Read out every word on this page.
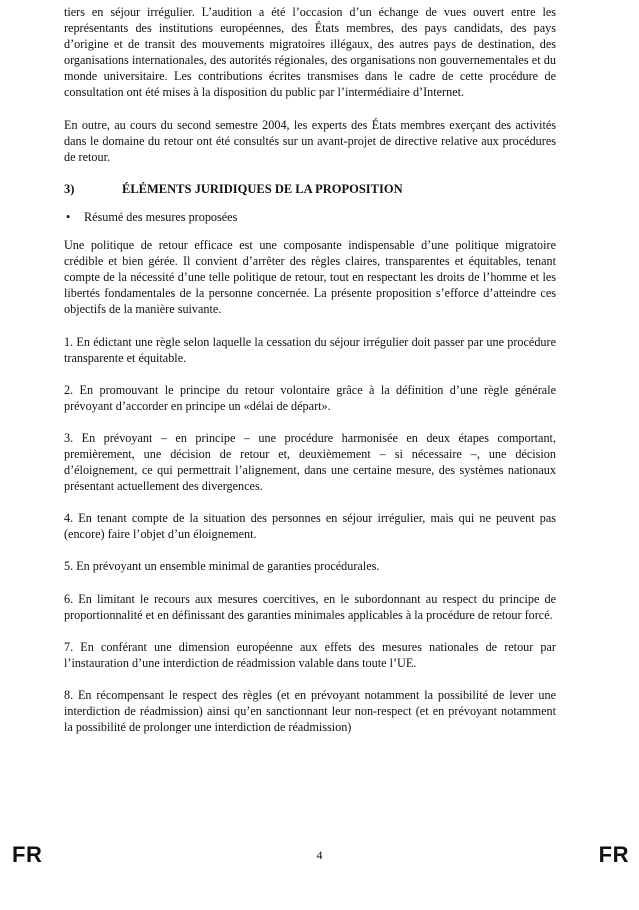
tiers en séjour irrégulier. L’audition a été l’occasion d’un échange de vues ouvert entre les représentants des institutions européennes, des États membres, des pays candidats, des pays d’origine et de transit des mouvements migratoires illégaux, des autres pays de destination, des organisations internationales, des autorités régionales, des organisations non gouvernementales et du monde universitaire. Les contributions écrites transmises dans le cadre de cette procédure de consultation ont été mises à la disposition du public par l’intermédiaire d’Internet.

En outre, au cours du second semestre 2004, les experts des États membres exerçant des activités dans le domaine du retour ont été consultés sur un avant-projet de directive relative aux procédures de retour.

3)	ÉLÉMENTS JURIDIQUES DE LA PROPOSITION
•	Résumé des mesures proposées

Une politique de retour efficace est une composante indispensable d’une politique migratoire crédible et bien gérée. Il convient d’arrêter des règles claires, transparentes et équitables, tenant compte de la nécessité d’une telle politique de retour, tout en respectant les droits de l’homme et les libertés fondamentales de la personne concernée. La présente proposition s’efforce d’atteindre ces objectifs de la manière suivante.

1. En édictant une règle selon laquelle la cessation du séjour irrégulier doit passer par une procédure transparente et équitable.

2. En promouvant le principe du retour volontaire grâce à la définition d’une règle générale prévoyant d’accorder en principe un «délai de départ».

3. En prévoyant – en principe – une procédure harmonisée en deux étapes comportant, premièrement, une décision de retour et, deuxièmement – si nécessaire –, une décision d’éloignement, ce qui permettrait l’alignement, dans une certaine mesure, des systèmes nationaux présentant actuellement des divergences.

4. En tenant compte de la situation des personnes en séjour irrégulier, mais qui ne peuvent pas (encore) faire l’objet d’un éloignement.

5. En prévoyant un ensemble minimal de garanties procédurales.

6. En limitant le recours aux mesures coercitives, en le subordonnant au respect du principe de proportionnalité et en définissant des garanties minimales applicables à la procédure de retour forcé.

7. En conférant une dimension européenne aux effets des mesures nationales de retour par l’instauration d’une interdiction de réadmission valable dans toute l’UE.

8. En récompensant le respect des règles (et en prévoyant notamment la possibilité de lever une interdiction de réadmission) ainsi qu’en sanctionnant leur non-respect (et en prévoyant notamment la possibilité de prolonger une interdiction de réadmission)

FR	4	FR
